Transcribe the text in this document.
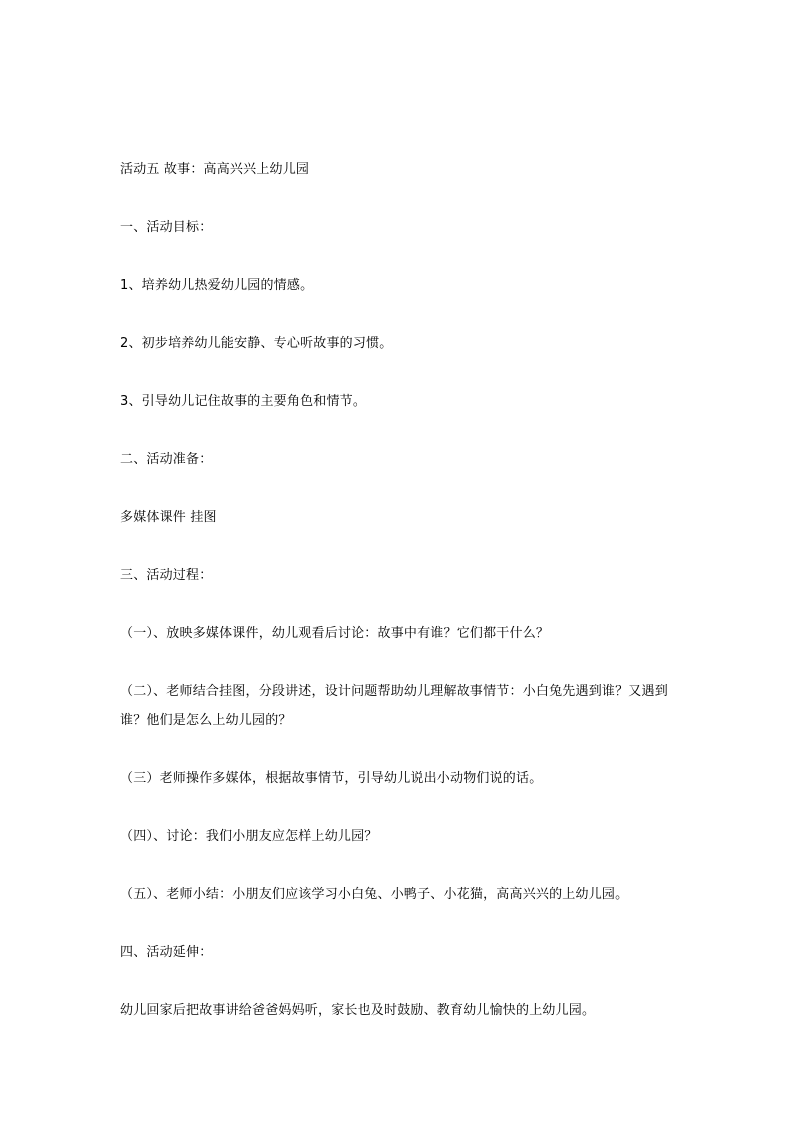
活动五 故事：高高兴兴上幼儿园
一、活动目标：
1、培养幼儿热爱幼儿园的情感。
2、初步培养幼儿能安静、专心听故事的习惯。
3、引导幼儿记住故事的主要角色和情节。
二、活动准备：
多媒体课件 挂图
三、活动过程：
（一）、放映多媒体课件，幼儿观看后讨论：故事中有谁？它们都干什么？
（二）、老师结合挂图，分段讲述，设计问题帮助幼儿理解故事情节：小白兔先遇到谁？又遇到谁？他们是怎么上幼儿园的？
（三）老师操作多媒体，根据故事情节，引导幼儿说出小动物们说的话。
（四）、讨论：我们小朋友应怎样上幼儿园？
（五）、老师小结：小朋友们应该学习小白兔、小鸭子、小花猫，高高兴兴的上幼儿园。
四、活动延伸：
幼儿回家后把故事讲给爸爸妈妈听，家长也及时鼓励、教育幼儿愉快的上幼儿园。
